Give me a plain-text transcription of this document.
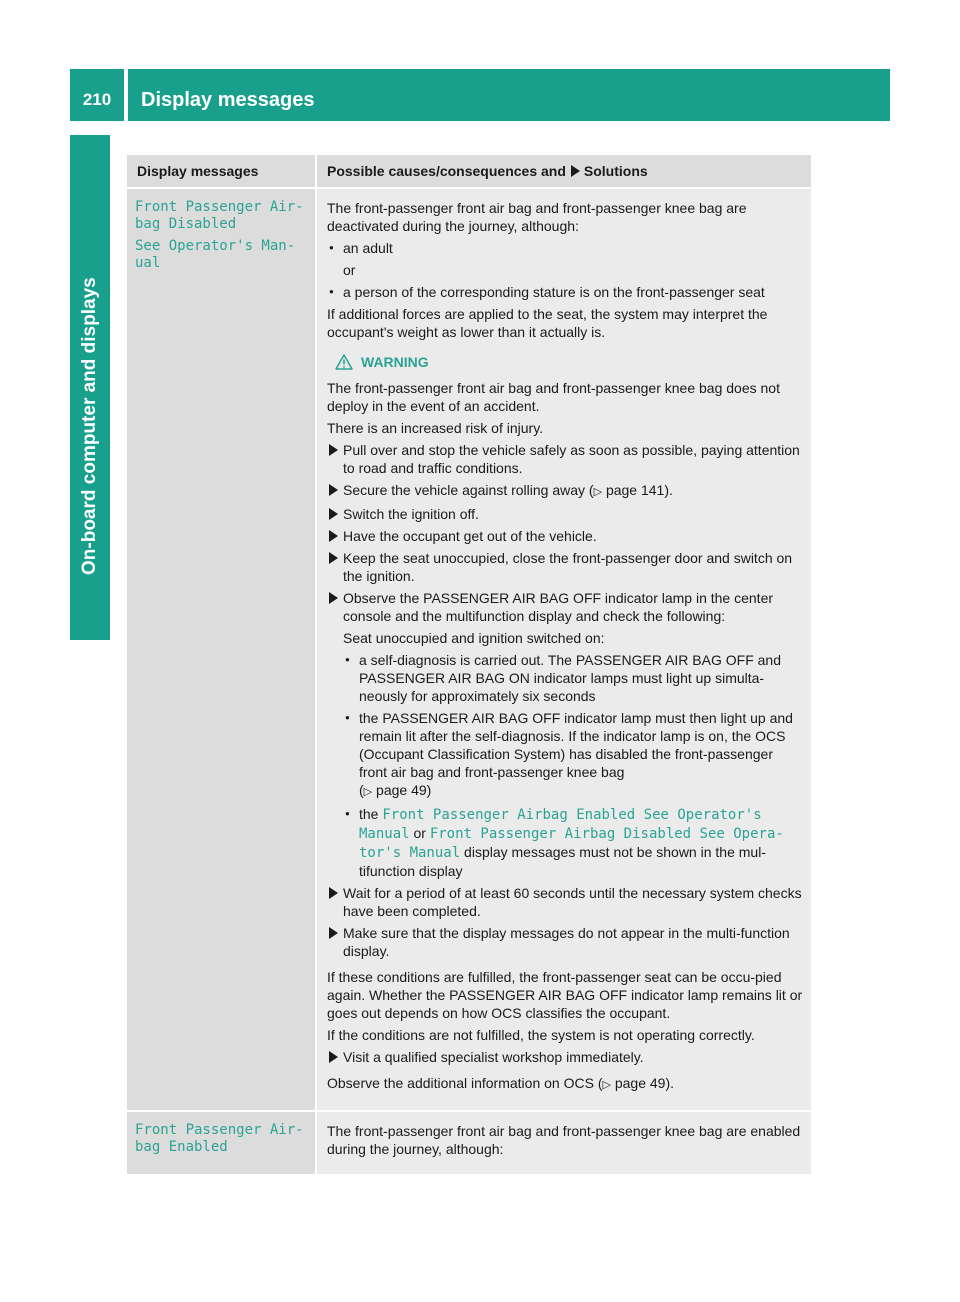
210	Display messages
On-board computer and displays
Display messages	Possible causes/consequences and Solutions
Front Passenger Air‐
bag Disabled
See Operator's Man‐
ual

The front-passenger front air bag and front-passenger knee bag are deactivated during the journey, although:

● an adult

or

● a person of the corresponding stature is on the front-passenger seat

If additional forces are applied to the seat, the system may interpret the occupant's weight as lower than it actually is.

WARNING

The front-passenger front air bag and front-passenger knee bag does not deploy in the event of an accident.

There is an increased risk of injury.

Pull over and stop the vehicle safely as soon as possible, paying attention to road and traffic conditions.
Secure the vehicle against rolling away (▷ page 141).
Switch the ignition off.
Have the occupant get out of the vehicle.
Keep the seat unoccupied, close the front-passenger door and switch on the ignition.
Observe the PASSENGER AIR BAG OFF indicator lamp in the center console and the multifunction display and check the following:

Seat unoccupied and ignition switched on:

● a self-diagnosis is carried out. The PASSENGER AIR BAG OFF and PASSENGER AIR BAG ON indicator lamps must light up simulta-neously for approximately six seconds
● the PASSENGER AIR BAG OFF indicator lamp must then light up and remain lit after the self-diagnosis. If the indicator lamp is on, the OCS (Occupant Classification System) has disabled the front-passenger front air bag and front-passenger knee bag
(▷ page 49)
● the Front Passenger Airbag Enabled See Operator's Manual or Front Passenger Airbag Disabled See Opera-tor's Manual display messages must not be shown in the mul-tifunction display
Wait for a period of at least 60 seconds until the necessary system checks have been completed.
Make sure that the display messages do not appear in the multi-function display.

If these conditions are fulfilled, the front-passenger seat can be occu-pied again. Whether the PASSENGER AIR BAG OFF indicator lamp remains lit or goes out depends on how OCS classifies the occupant.

If the conditions are not fulfilled, the system is not operating correctly.

Visit a qualified specialist workshop immediately.

Observe the additional information on OCS (▷ page 49).

Front Passenger Air‐
bag Enabled

The front-passenger front air bag and front-passenger knee bag are enabled during the journey, although:
